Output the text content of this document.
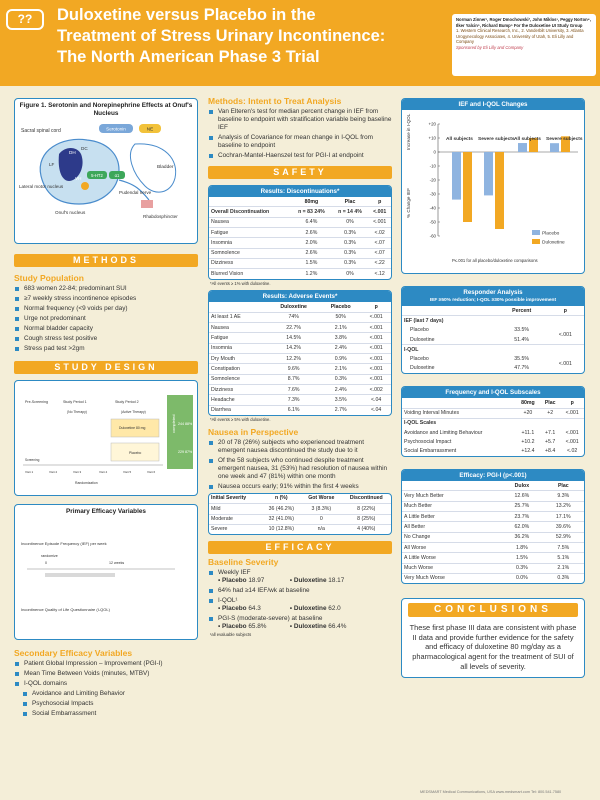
??	Duloxetine versus Placebo in the
Treatment of Stress Urinary Incontinence:
The North American Phase 3 Trial
Norman Zinner¹, Roger Dmochowski², John Miklos³, Peggy Norton⁴, Ilker Yalcin⁵, Richard Bump⁵ For the Duloxetine UI Study Group
1. Western Clinical Research, Inc., 2. Vanderbilt University, 3. Atlanta Urogynecology Associates, 4. University of Utah, 5. Eli Lilly and Company
Sponsored by Eli Lilly and Company
Figure 1. Serotonin and Norepinephrine Effects at Onuf's Nucleus
Sacral spinal cord	Serotonin	NE
DH
DC
LF
VH
5-HT2	α1
Bladder
Lateral motor nucleus
Onuf's nucleus
Pudendal nerve
Rhabdosphincter
METHODS
Study Population
683 women 22-84; predominant SUI
≥7 weekly stress incontinence episodes
Normal frequency (<9 voids per day)
Urge not predominant
Normal bladder capacity
Cough stress test positive
Stress pad test >2gm
STUDY DESIGN
Pre-Screening	Study Period 1	Study Period 2
(No Therapy)	(Active Therapy)
Duloxetine 80 mg
Placebo
Screening
Randomization
Visit 1	Visit 2	Visit 3	Visit 4	Visit 5	Visit 6
completed 244 88%
229 87%
Primary Efficacy Variables
Incontinence Episode Frequency (IEF) per week
randomize
0	12 weeks
Incontinence Quality of Life Questionnaire (I-QOL)
Secondary Efficacy Variables
Patient Global Impression – Improvement (PGI-I)
Mean Time Between Voids (minutes, MTBV)
I-QOL domains
Avoidance and Limiting Behavior
Psychosocial Impacts
Social Embarrassment
Methods: Intent to Treat Analysis
Van Elteren's test for median percent change in IEF from baseline to endpoint with stratification variable being baseline IEF
Analysis of Covariance for mean change in I-QOL from baseline to endpoint
Cochran-Mantel-Haenszel test for PGI-I at endpoint
SAFETY
Results: Discontinuations*
	80mg	Plac	p
Overall Discontinuation	n = 83 24%	n = 14 4%	<.001
Nausea	6.4%	0%	<.001
Fatigue	2.6%	0.3%	<.02
Insomnia	2.0%	0.3%	<.07
Somnolence	2.6%	0.3%	<.07
Dizziness	1.5%	0.3%	<.22
Blurred Vision	1.2%	0%	<.12
*All events ≥ 1% with duloxetine.
Results: Adverse Events*
	Duloxetine	Placebo	p
At least 1 AE	74%	50%	<.001
Nausea	22.7%	2.1%	<.001
Fatigue	14.5%	3.8%	<.001
Insomnia	14.2%	2.4%	<.001
Dry Mouth	12.2%	0.9%	<.001
Constipation	9.6%	2.1%	<.001
Somnolence	8.7%	0.3%	<.001
Dizziness	7.6%	2.4%	<.002
Headache	7.3%	3.5%	<.04
Diarrhea	6.1%	2.7%	<.04
*All events ≥ 5% with duloxetine.
Nausea in Perspective
20 of 78 (26%) subjects who experienced treatment emergent nausea discontinued the study due to it
Of the 58 subjects who continued despite treatment emergent nausea, 31 (53%) had resolution of nausea within one week and 47 (81%) within one month
Nausea occurs early; 91% within the first 4 weeks
Initial Severity	n (%)	Got Worse	Discontinued
Mild	36 (46.2%)	3 (8.3%)	8 (22%)
Moderate	32 (41.0%)	0	8 (25%)
Severe	10 (12.8%)	n/a	4 (40%)
EFFICACY
Baseline Severity
Weekly IEF
▪ Placebo 18.97	▪ Duloxetine 18.17
64% had ≥14 IEF/wk at baseline
I-QOL¹
▪ Placebo 64.3	▪ Duloxetine 62.0
PGI-S (moderate-severe) at baseline
▪ Placebo 65.8%	▪ Duloxetine 66.4%
¹all evaluable subjects
IEF and I-QOL Changes
Increase in I-QOL
% Change IEF
+20
+10
0
-10
-20
-30
-40
-50
-60
All subjects Severe subjects All subjects Severe subjects
Placebo
Duloxetine
P≤.001 for all placebo/duloxetine comparisons
Responder Analysis
IEF ≥50% reduction; I-QOL ≥30% possible improvement
	Percent	p
IEF (last 7 days)		
Placebo	33.5%	<.001
Duloxetine	51.4%	
I-QOL		
Placebo	35.5%	<.001
Duloxetine	47.7%	
Frequency and I-QOL Subscales
	80mg	Plac	p
Voiding Interval Minutes	+20	+2	<.001
I-QOL Scales			
Avoidance and Limiting Behaviour	+11.1	+7.1	<.001
Psychosocial Impact	+10.2	+5.7	<.001
Social Embarrassment	+12.4	+8.4	<.02
Efficacy: PGI-I (p<.001)
	Dulox	Plac
Very Much Better	12.6%	9.3%
Much Better	25.7%	13.2%
A Little Better	23.7%	17.1%
All Better	62.0%	39.6%
No Change	36.2%	52.9%
All Worse	1.8%	7.5%
A Little Worse	1.5%	5.1%
Much Worse	0.3%	2.1%
Very Much Worse	0.0%	0.3%
CONCLUSIONS
These first phase III data are consistent with phase II data and provide further evidence for the safety and efficacy of duloxetine 80 mg/day as a pharmacological agent for the treatment of SUI of all levels of severity.
MEDSMART Medical Communications, USA www.medsmart.com Tel: 800.541.7580
